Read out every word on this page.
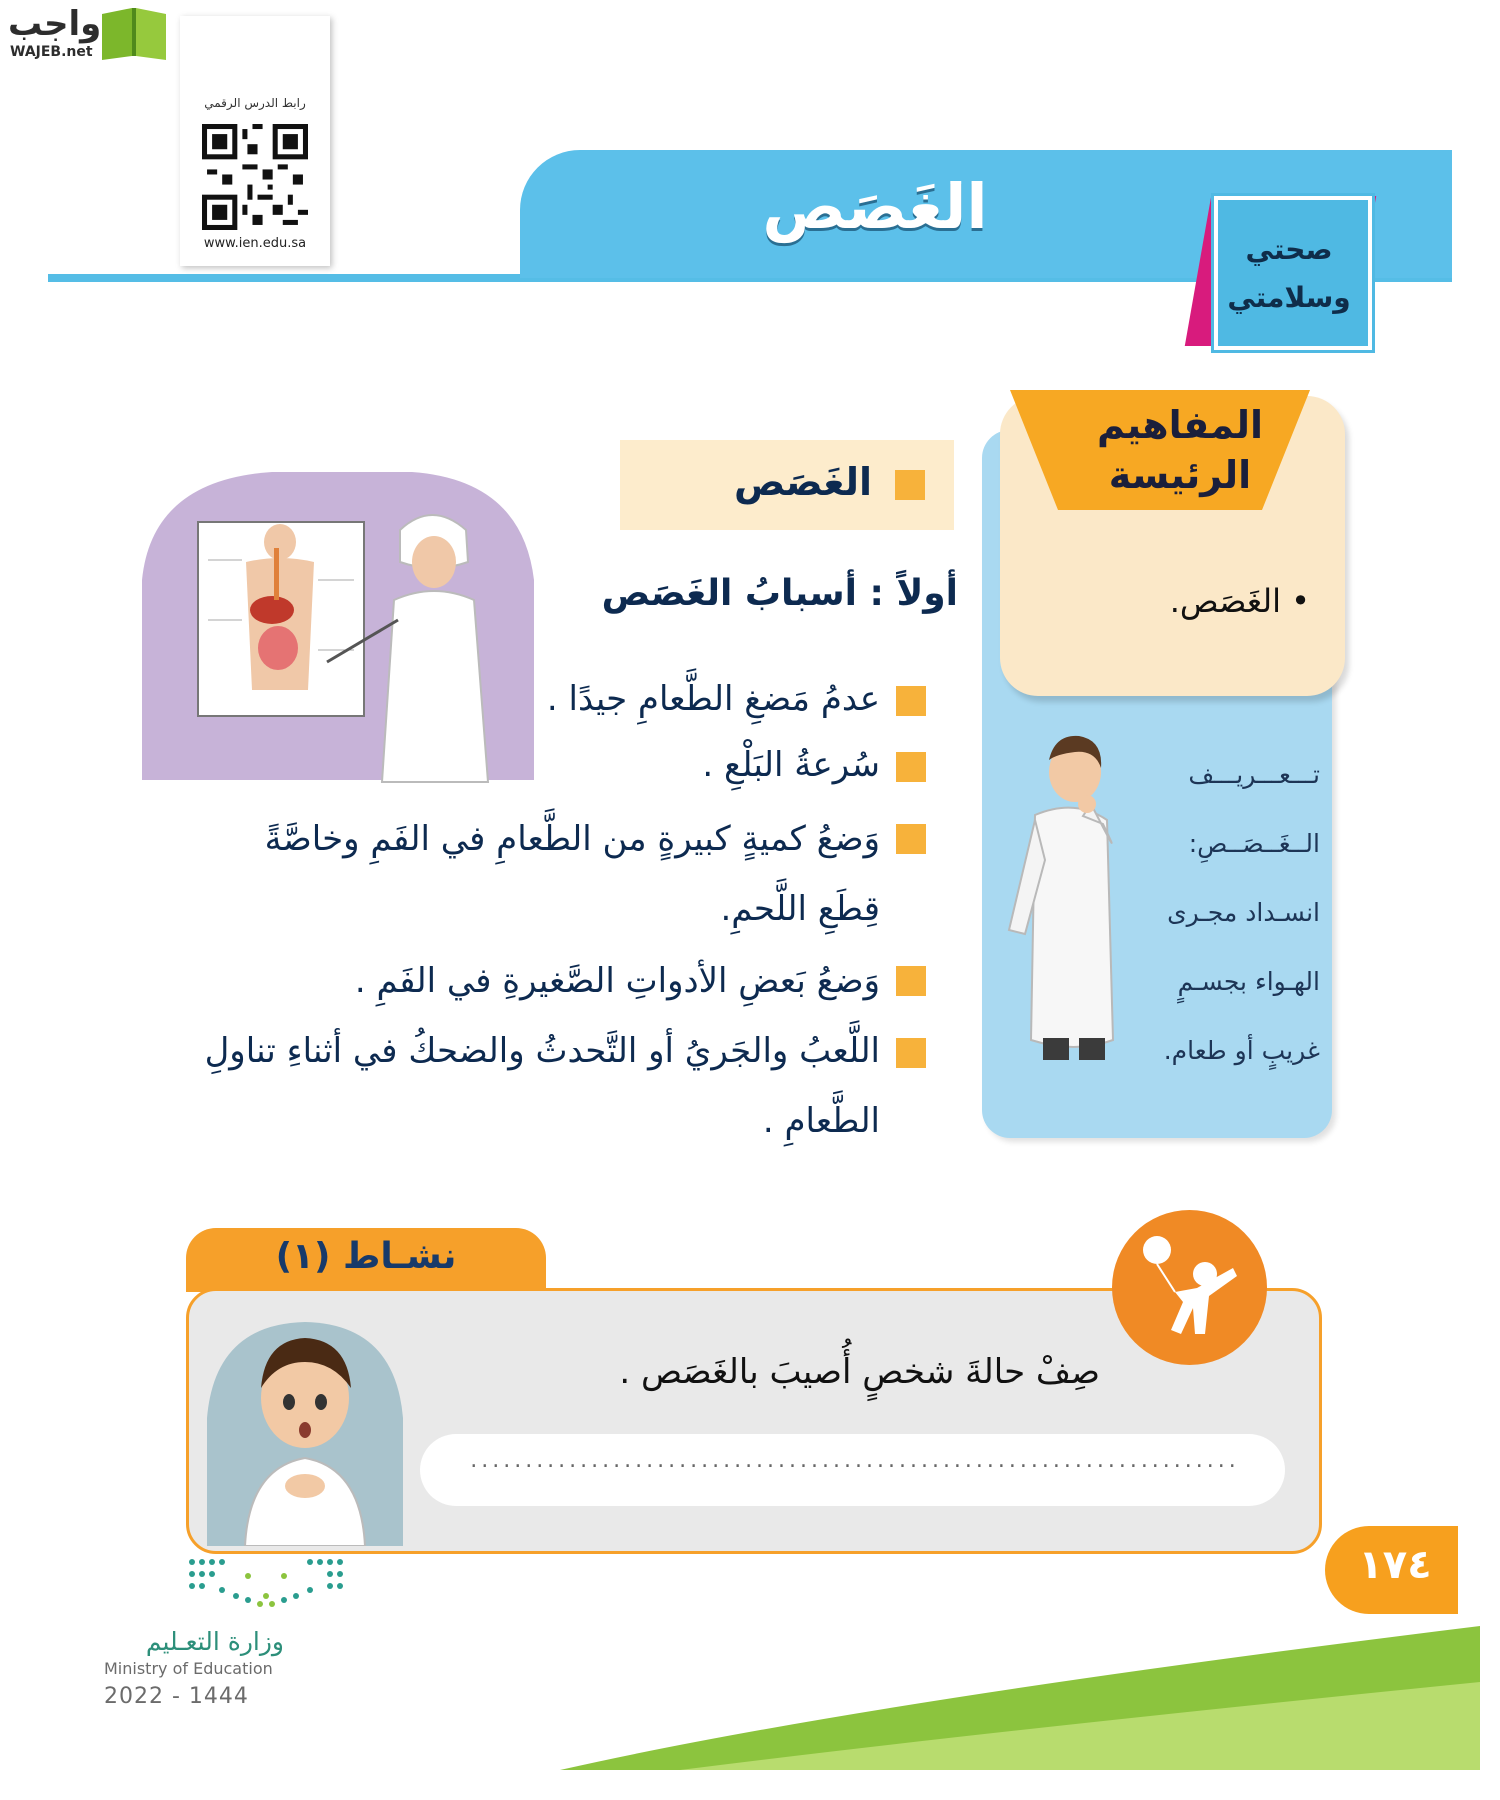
واجب
WAJEB.net
رابط الدرس الرقمي
www.ien.edu.sa
الغَصَص
صحتي
وسلامتي
المفاهيم
الرئيسة
• الغَصَص.
تـــعـــريـــف
الــغَــصَــصِ:
انسـداد مجـرى
الهـواء بجسـمٍ
غريبٍ أو طعام.
الغَصَص
أولاً : أسبابُ الغَصَص
عدمُ مَضغِ الطَّعامِ جيدًا .
سُرعةُ البَلْعِ .
وَضعُ كميةٍ كبيرةٍ من الطَّعامِ في الفَمِ وخاصَّةً قِطَعِ اللَّحمِ.
وَضعُ بَعضِ الأدواتِ الصَّغيرةِ في الفَمِ .
اللَّعبُ والجَريُ أو التَّحدثُ والضحكُ في أثناءِ تناولِ الطَّعامِ .
نشـاط (١)
صِفْ حالةَ شخصٍ أُصيبَ بالغَصَص .
......................................................................
١٧٤
وزارة التعـليم
Ministry of Education
2022 - 1444
